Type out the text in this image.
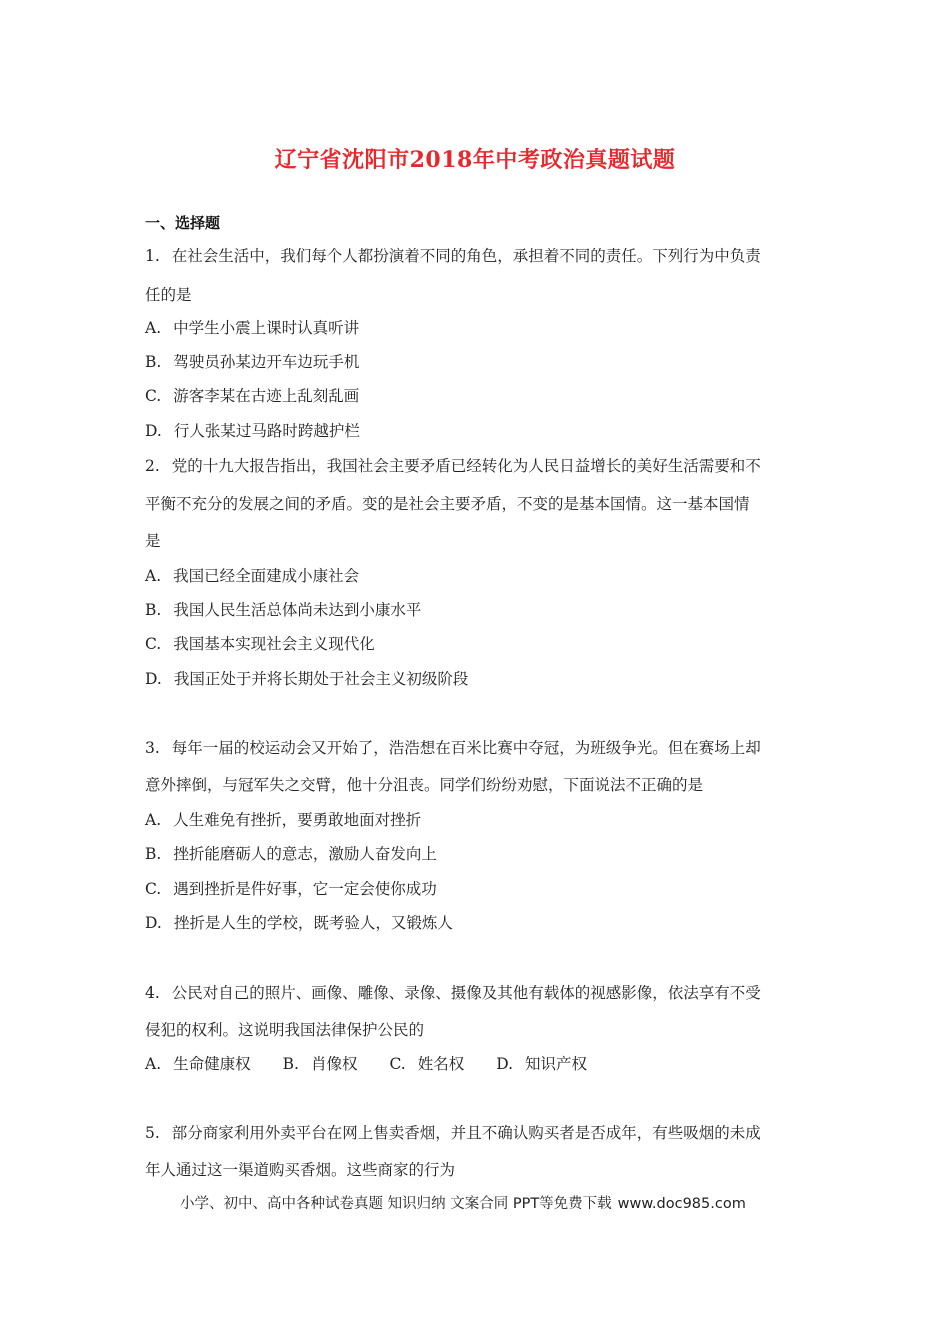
辽宁省沈阳市2018年中考政治真题试题
一、选择题
1. 在社会生活中，我们每个人都扮演着不同的角色，承担着不同的责任。下列行为中负责
任的是
A. 中学生小震上课时认真听讲
B. 驾驶员孙某边开车边玩手机
C. 游客李某在古迹上乱刻乱画
D. 行人张某过马路时跨越护栏
2. 党的十九大报告指出，我国社会主要矛盾已经转化为人民日益增长的美好生活需要和不
平衡不充分的发展之间的矛盾。变的是社会主要矛盾，不变的是基本国情。这一基本国情
是
A. 我国已经全面建成小康社会
B. 我国人民生活总体尚未达到小康水平
C. 我国基本实现社会主义现代化
D. 我国正处于并将长期处于社会主义初级阶段
3. 每年一届的校运动会又开始了，浩浩想在百米比赛中夺冠，为班级争光。但在赛场上却
意外摔倒，与冠军失之交臂，他十分沮丧。同学们纷纷劝慰，下面说法不正确的是
A. 人生难免有挫折，要勇敢地面对挫折
B. 挫折能磨砺人的意志，激励人奋发向上
C. 遇到挫折是件好事，它一定会使你成功
D. 挫折是人生的学校，既考验人，又锻炼人
4. 公民对自己的照片、画像、雕像、录像、摄像及其他有载体的视感影像，依法享有不受
侵犯的权利。这说明我国法律保护公民的
A. 生命健康权 B. 肖像权 C. 姓名权 D. 知识产权
5. 部分商家利用外卖平台在网上售卖香烟，并且不确认购买者是否成年，有些吸烟的未成
年人通过这一渠道购买香烟。这些商家的行为
小学、初中、高中各种试卷真题 知识归纳 文案合同 PPT等免费下载 www.doc985.com
